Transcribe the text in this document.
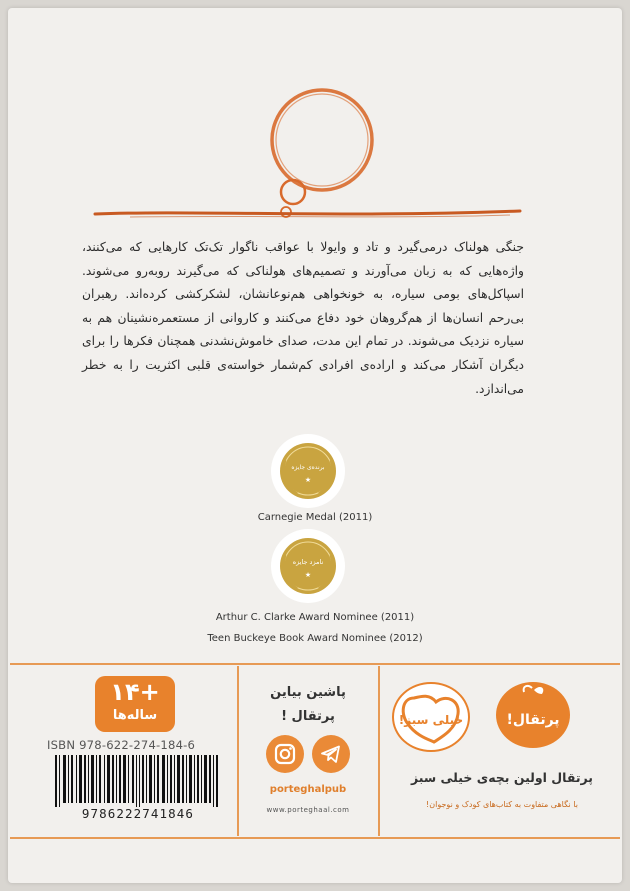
جنگی هولناک درمی‌گیرد و تاد و وایولا با عواقب ناگوار تک‌تک کارهایی که می‌کنند، واژه‌هایی که به زبان می‌آورند و تصمیم‌های هولناکی که می‌گیرند روبه‌رو می‌شوند. اسپاکل‌های بومی سیاره، به خونخواهی هم‌نوعانشان، لشکرکشی کرده‌اند. رهبران بی‌رحم انسان‌ها از هم‌گروهان خود دفاع می‌کنند و کاروانی از مستعمره‌نشینان هم به سیاره نزدیک می‌شوند. در تمام این مدت، صدای خاموش‌نشدنی همچنان فکرها را برای دیگران آشکار می‌کند و اراده‌ی افرادی کم‌شمار خواسته‌ی قلبی اکثریت را به خطر می‌اندازد.
برنده‌ی جایزه
★
Carnegie Medal (2011)
نامزد جایزه
★
Arthur C. Clarke Award Nominee (2011)
Teen Buckeye Book Award Nominee (2012)
+۱۴
ساله‌ها
ISBN 978-622-274-184-6
9786222741846
پاشین بیاین
پرتقال !
porteghalpub
www.porteghaal.com
خیلی سبز!	پرتقال!
پرتقال اولین بچه‌ی خیلی سبز
با نگاهی متفاوت به کتاب‌های کودک و نوجوان!
